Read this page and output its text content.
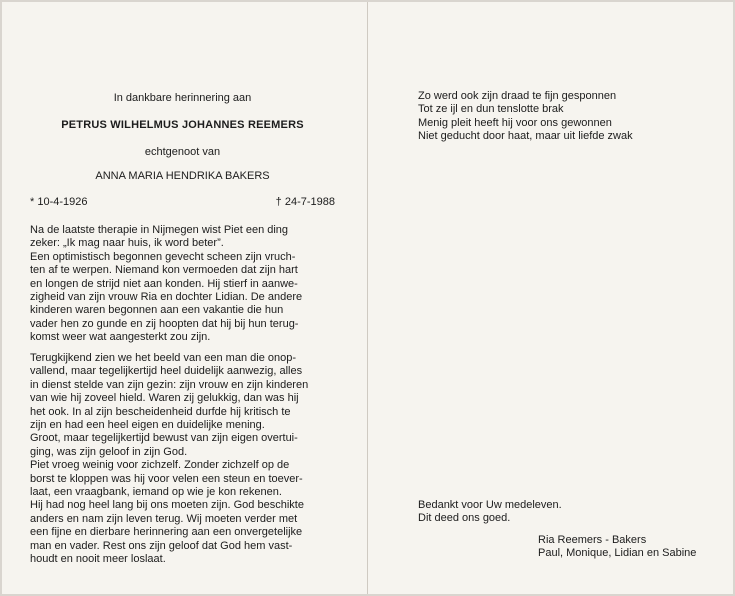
In dankbare herinnering aan
PETRUS WILHELMUS JOHANNES REEMERS
echtgenoot van
ANNA MARIA HENDRIKA BAKERS
* 10-4-1926	† 24-7-1988
Na de laatste therapie in Nijmegen wist Piet een ding
zeker: „Ik mag naar huis, ik word beter”.
Een optimistisch begonnen gevecht scheen zijn vruch-
ten af te werpen. Niemand kon vermoeden dat zijn hart
en longen de strijd niet aan konden. Hij stierf in aanwe-
zigheid van zijn vrouw Ria en dochter Lidian. De andere
kinderen waren begonnen aan een vakantie die hun
vader hen zo gunde en zij hoopten dat hij bij hun terug-
komst weer wat aangesterkt zou zijn.
Terugkijkend zien we het beeld van een man die onop-
vallend, maar tegelijkertijd heel duidelijk aanwezig, alles
in dienst stelde van zijn gezin: zijn vrouw en zijn kinderen
van wie hij zoveel hield. Waren zij gelukkig, dan was hij
het ook. In al zijn bescheidenheid durfde hij kritisch te
zijn en had een heel eigen en duidelijke mening.
Groot, maar tegelijkertijd bewust van zijn eigen overtui-
ging, was zijn geloof in zijn God.
Piet vroeg weinig voor zichzelf. Zonder zichzelf op de
borst te kloppen was hij voor velen een steun en toever-
laat, een vraagbank, iemand op wie je kon rekenen.
Hij had nog heel lang bij ons moeten zijn. God beschikte
anders en nam zijn leven terug. Wij moeten verder met
een fijne en dierbare herinnering aan een onvergetelijke
man en vader. Rest ons zijn geloof dat God hem vast-
houdt en nooit meer loslaat.
Zo werd ook zijn draad te fijn gesponnen
Tot ze ijl en dun tenslotte brak
Menig pleit heeft hij voor ons gewonnen
Niet geducht door haat, maar uit liefde zwak
Bedankt voor Uw medeleven.
Dit deed ons goed.
Ria Reemers - Bakers
Paul, Monique, Lidian en Sabine
